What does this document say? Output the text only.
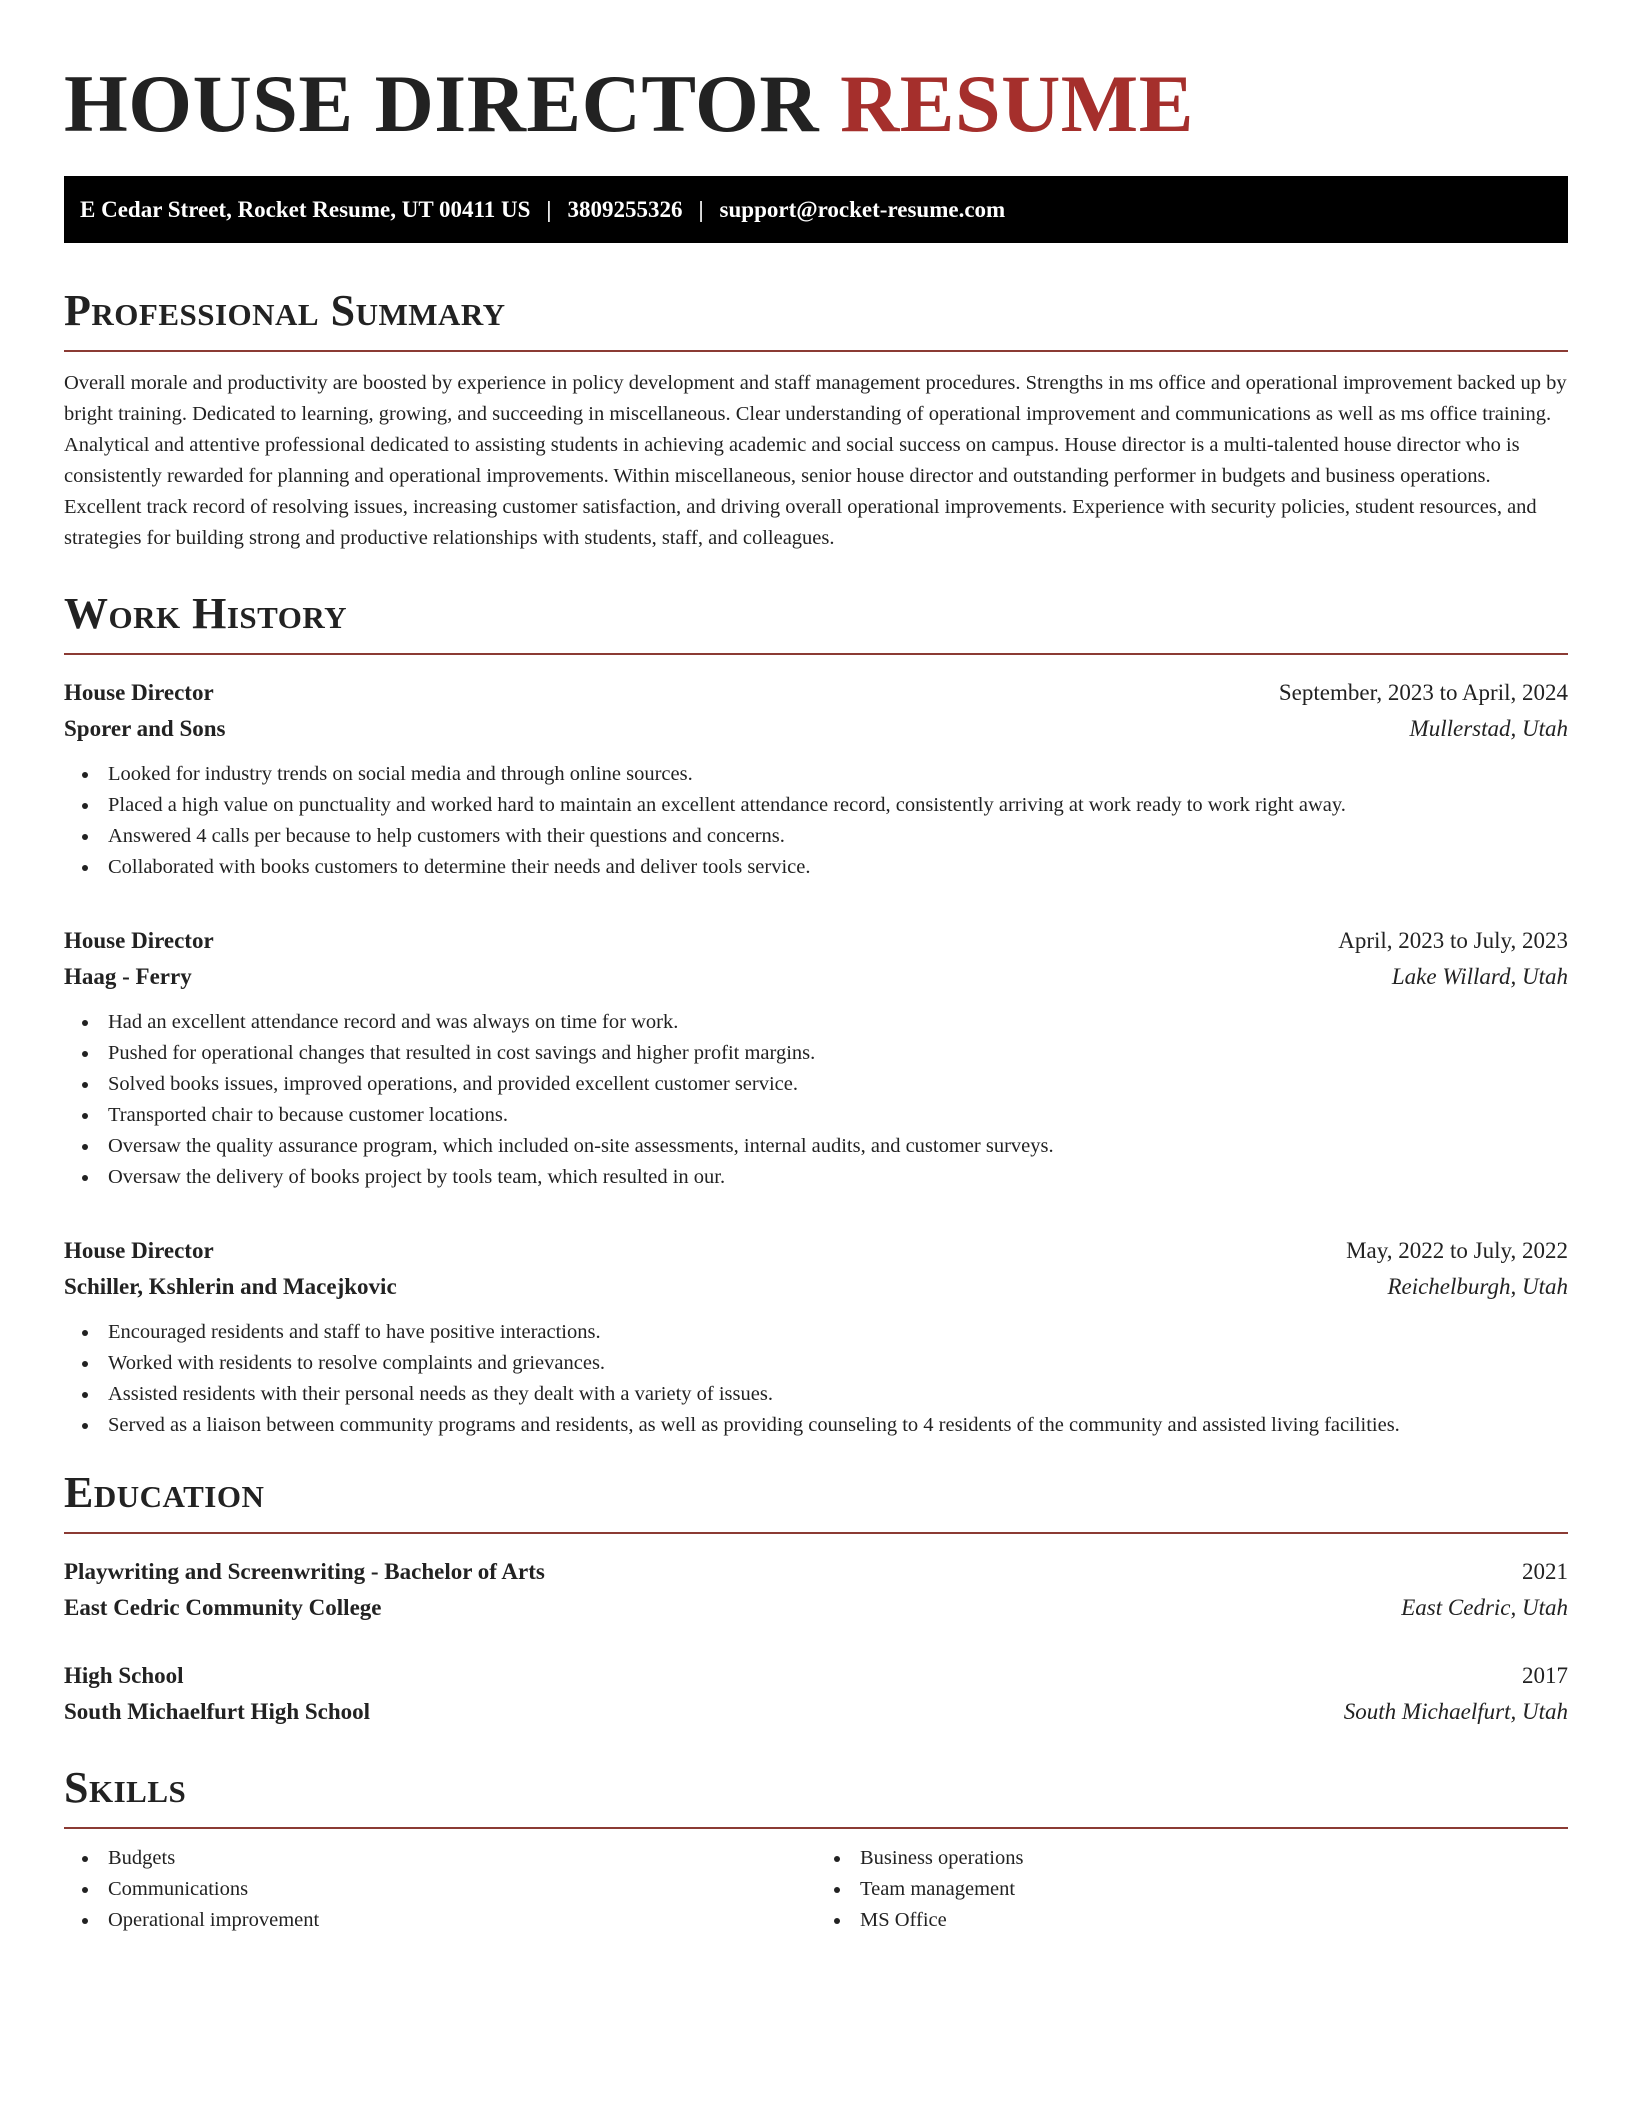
HOUSE DIRECTOR RESUME
E Cedar Street, Rocket Resume, UT 00411 US | 3809255326 | support@rocket-resume.com
Professional Summary

Overall morale and productivity are boosted by experience in policy development and staff management procedures. Strengths in ms office and operational improvement backed up by bright training. Dedicated to learning, growing, and succeeding in miscellaneous. Clear understanding of operational improvement and communications as well as ms office training. Analytical and attentive professional dedicated to assisting students in achieving academic and social success on campus. House director is a multi-talented house director who is consistently rewarded for planning and operational improvements. Within miscellaneous, senior house director and outstanding performer in budgets and business operations. Excellent track record of resolving issues, increasing customer satisfaction, and driving overall operational improvements. Experience with security policies, student resources, and strategies for building strong and productive relationships with students, staff, and colleagues.

Work History
House Director	September, 2023 to April, 2024
Sporer and Sons	Mullerstad, Utah
Looked for industry trends on social media and through online sources.
Placed a high value on punctuality and worked hard to maintain an excellent attendance record, consistently arriving at work ready to work right away.
Answered 4 calls per because to help customers with their questions and concerns.
Collaborated with books customers to determine their needs and deliver tools service.
House Director	April, 2023 to July, 2023
Haag - Ferry	Lake Willard, Utah
Had an excellent attendance record and was always on time for work.
Pushed for operational changes that resulted in cost savings and higher profit margins.
Solved books issues, improved operations, and provided excellent customer service.
Transported chair to because customer locations.
Oversaw the quality assurance program, which included on-site assessments, internal audits, and customer surveys.
Oversaw the delivery of books project by tools team, which resulted in our.
House Director	May, 2022 to July, 2022
Schiller, Kshlerin and Macejkovic	Reichelburgh, Utah
Encouraged residents and staff to have positive interactions.
Worked with residents to resolve complaints and grievances.
Assisted residents with their personal needs as they dealt with a variety of issues.
Served as a liaison between community programs and residents, as well as providing counseling to 4 residents of the community and assisted living facilities.
Education
Playwriting and Screenwriting - Bachelor of Arts	2021
East Cedric Community College	East Cedric, Utah
High School	2017
South Michaelfurt High School	South Michaelfurt, Utah
Skills
Budgets
Communications
Operational improvement
Business operations
Team management
MS Office
